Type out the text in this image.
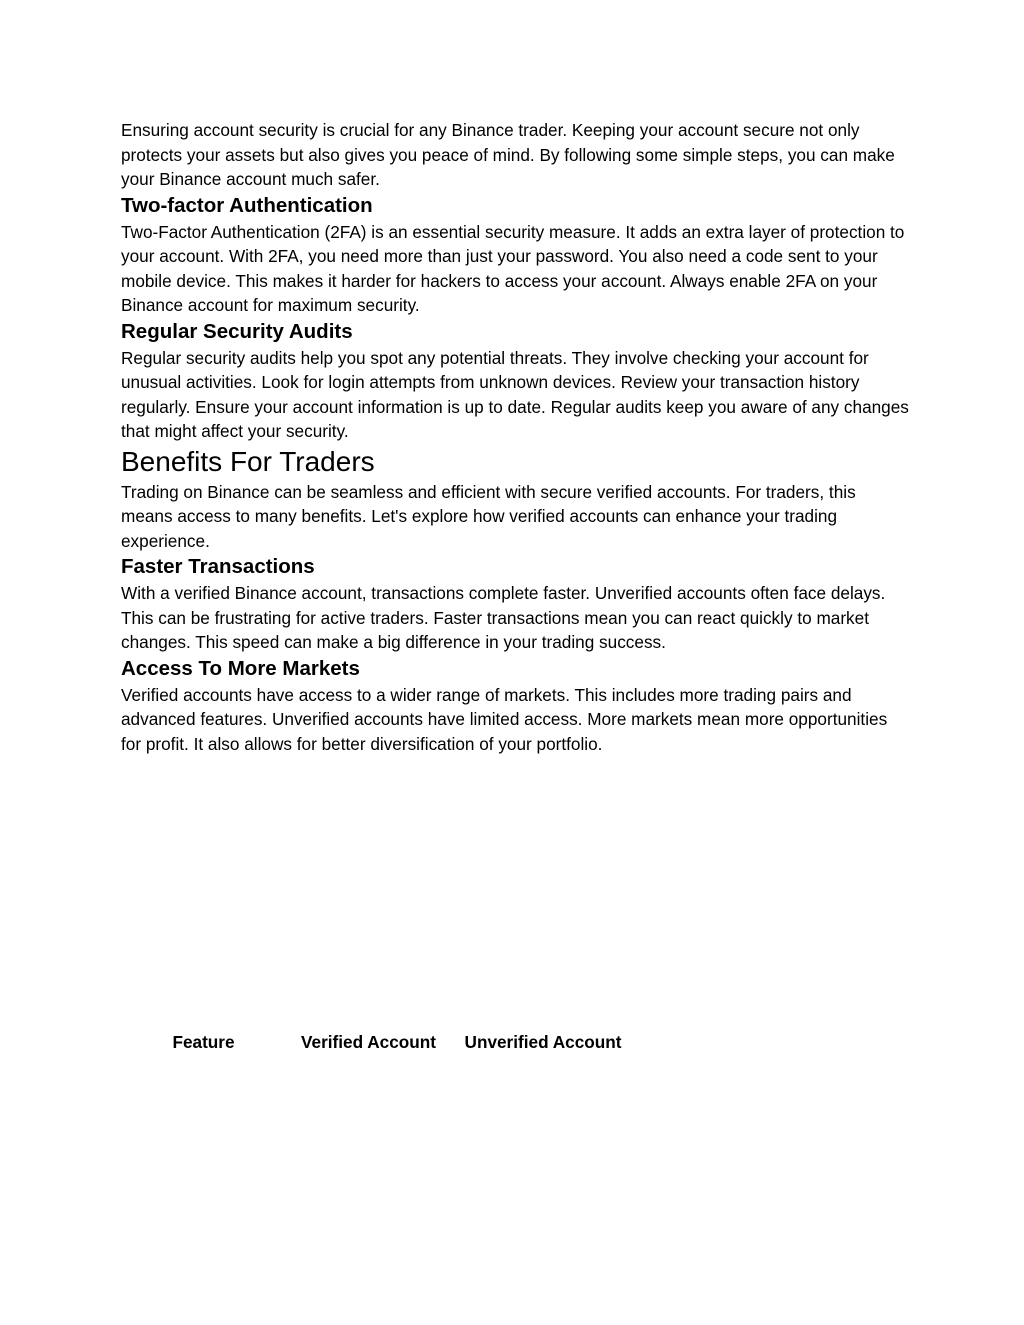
Ensuring account security is crucial for any Binance trader. Keeping your account secure not only protects your assets but also gives you peace of mind. By following some simple steps, you can make your Binance account much safer.

Two-factor Authentication

Two-Factor Authentication (2FA) is an essential security measure. It adds an extra layer of protection to your account. With 2FA, you need more than just your password. You also need a code sent to your mobile device. This makes it harder for hackers to access your account. Always enable 2FA on your Binance account for maximum security.

Regular Security Audits

Regular security audits help you spot any potential threats. They involve checking your account for unusual activities. Look for login attempts from unknown devices. Review your transaction history regularly. Ensure your account information is up to date. Regular audits keep you aware of any changes that might affect your security.

Benefits For Traders

Trading on Binance can be seamless and efficient with secure verified accounts. For traders, this means access to many benefits. Let's explore how verified accounts can enhance your trading experience.

Faster Transactions

With a verified Binance account, transactions complete faster. Unverified accounts often face delays. This can be frustrating for active traders. Faster transactions mean you can react quickly to market changes. This speed can make a big difference in your trading success.

Access To More Markets

Verified accounts have access to a wider range of markets. This includes more trading pairs and advanced features. Unverified accounts have limited access. More markets mean more opportunities for profit. It also allows for better diversification of your portfolio.

Feature	Verified Account	Unverified Account
